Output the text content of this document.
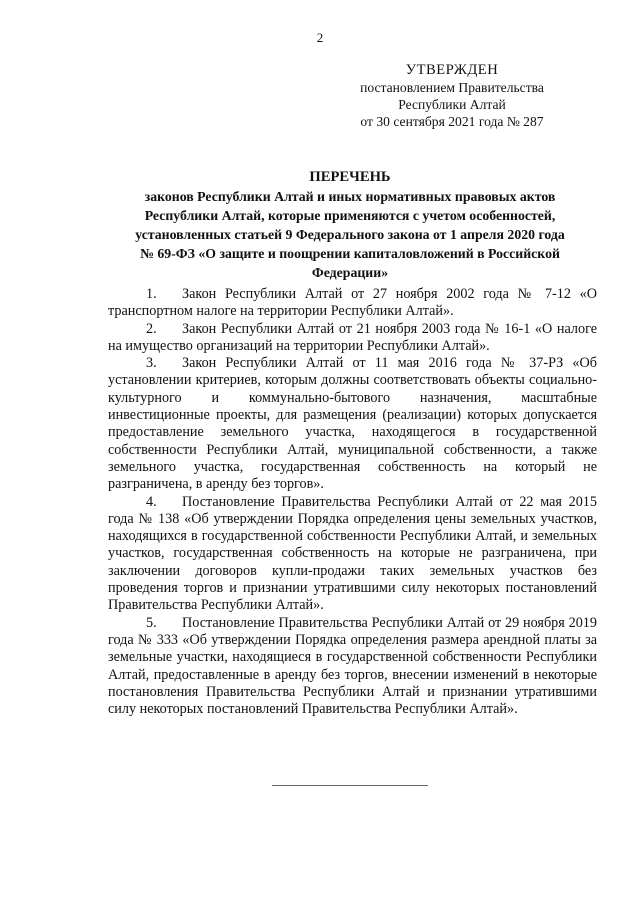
2
УТВЕРЖДЕН
постановлением Правительства
Республики Алтай
от 30 сентября 2021 года № 287
ПЕРЕЧЕНЬ
законов Республики Алтай и иных нормативных правовых актов
Республики Алтай, которые применяются с учетом особенностей,
установленных статьей 9 Федерального закона от 1 апреля 2020 года
№ 69-ФЗ «О защите и поощрении капиталовложений в Российской
Федерации»

1. Закон Республики Алтай от 27 ноября 2002 года № 7-12 «О транспортном налоге на территории Республики Алтай».

2. Закон Республики Алтай от 21 ноября 2003 года № 16-1 «О налоге на имущество организаций на территории Республики Алтай».

3. Закон Республики Алтай от 11 мая 2016 года № 37-РЗ «Об установлении критериев, которым должны соответствовать объекты социально-культурного и коммунально-бытового назначения, масштабные инвестиционные проекты, для размещения (реализации) которых допускается предоставление земельного участка, находящегося в государственной собственности Республики Алтай, муниципальной собственности, а также земельного участка, государственная собственность на который не разграничена, в аренду без торгов».

4. Постановление Правительства Республики Алтай от 22 мая 2015 года № 138 «Об утверждении Порядка определения цены земельных участков, находящихся в государственной собственности Республики Алтай, и земельных участков, государственная собственность на которые не разграничена, при заключении договоров купли-продажи таких земельных участков без проведения торгов и признании утратившими силу некоторых постановлений Правительства Республики Алтай».

5. Постановление Правительства Республики Алтай от 29 ноября 2019 года № 333 «Об утверждении Порядка определения размера арендной платы за земельные участки, находящиеся в государственной собственности Республики Алтай, предоставленные в аренду без торгов, внесении изменений в некоторые постановления Правительства Республики Алтай и признании утратившими силу некоторых постановлений Правительства Республики Алтай».
